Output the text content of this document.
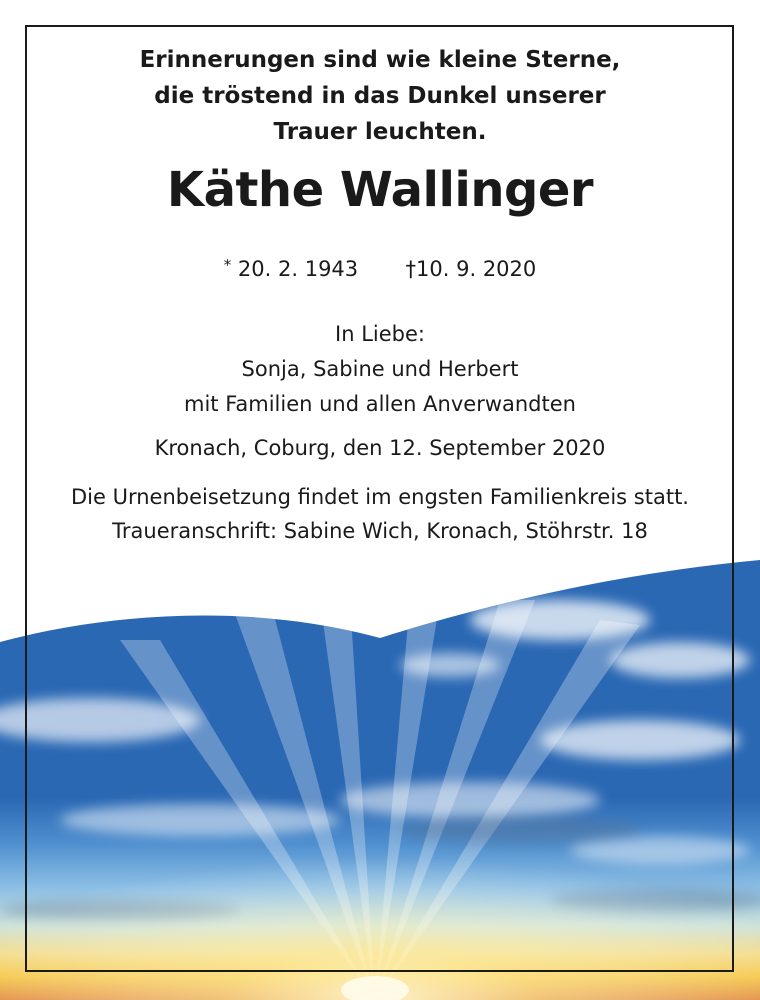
Erinnerungen sind wie kleine Sterne,
die tröstend in das Dunkel unserer
Trauer leuchten.
Käthe Wallinger
* 20. 2. 1943 †10. 9. 2020
In Liebe:
Sonja, Sabine und Herbert
mit Familien und allen Anverwandten
Kronach, Coburg, den 12. September 2020
Die Urnenbeisetzung findet im engsten Familienkreis statt.
Traueranschrift: Sabine Wich, Kronach, Stöhrstr. 18
